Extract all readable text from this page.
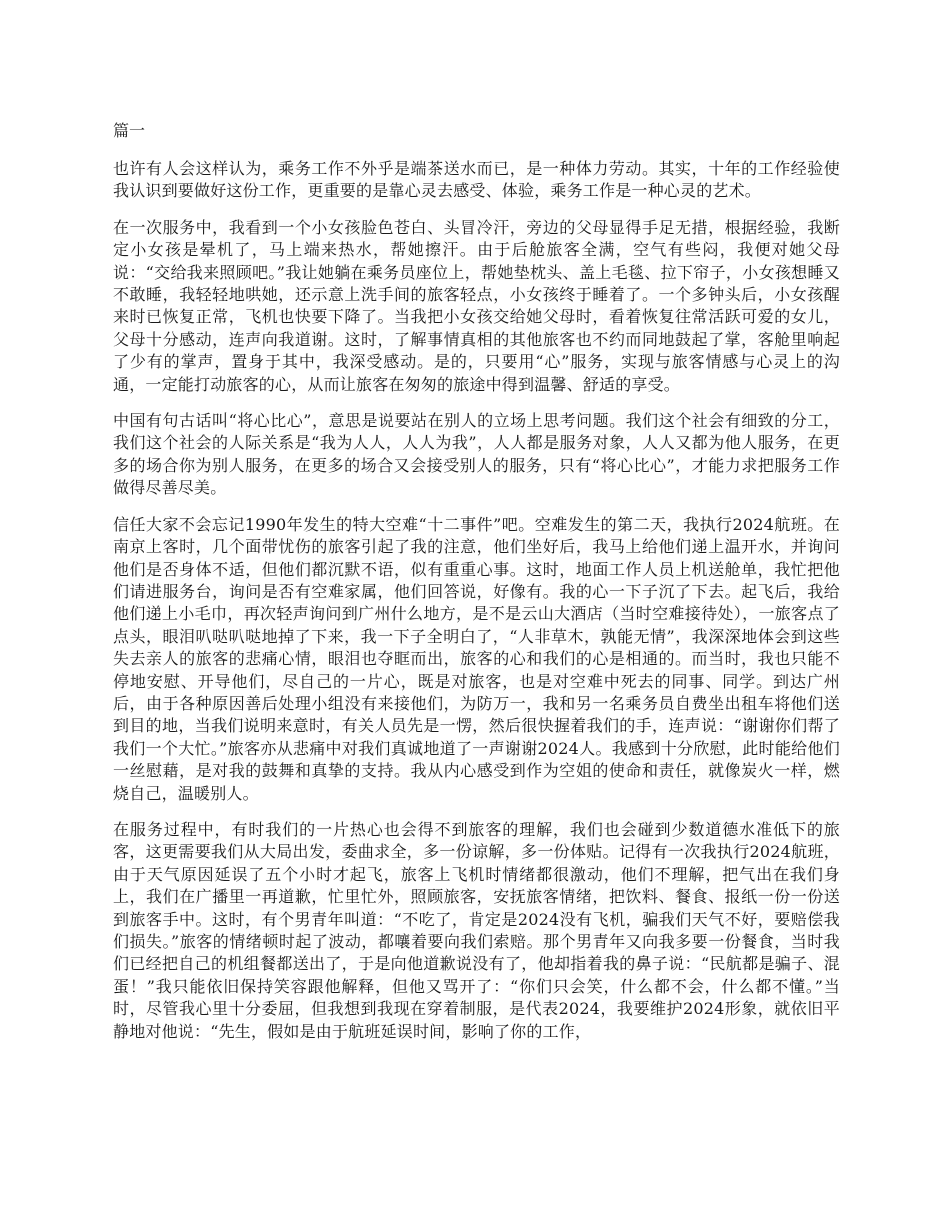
篇一

也许有人会这样认为，乘务工作不外乎是端茶送水而已，是一种体力劳动。其实，十年的工作经验使我认识到要做好这份工作，更重要的是靠心灵去感受、体验，乘务工作是一种心灵的艺术。

在一次服务中，我看到一个小女孩脸色苍白、头冒冷汗，旁边的父母显得手足无措，根据经验，我断定小女孩是晕机了，马上端来热水，帮她擦汗。由于后舱旅客全满，空气有些闷，我便对她父母说：“交给我来照顾吧。”我让她躺在乘务员座位上，帮她垫枕头、盖上毛毯、拉下帘子，小女孩想睡又不敢睡，我轻轻地哄她，还示意上洗手间的旅客轻点，小女孩终于睡着了。一个多钟头后，小女孩醒来时已恢复正常，飞机也快要下降了。当我把小女孩交给她父母时，看着恢复往常活跃可爱的女儿，父母十分感动，连声向我道谢。这时，了解事情真相的其他旅客也不约而同地鼓起了掌，客舱里响起了少有的掌声，置身于其中，我深受感动。是的，只要用“心”服务，实现与旅客情感与心灵上的沟通，一定能打动旅客的心，从而让旅客在匆匆的旅途中得到温馨、舒适的享受。

中国有句古话叫“将心比心”，意思是说要站在别人的立场上思考问题。我们这个社会有细致的分工，我们这个社会的人际关系是“我为人人，人人为我”，人人都是服务对象，人人又都为他人服务，在更多的场合你为别人服务，在更多的场合又会接受别人的服务，只有“将心比心”，才能力求把服务工作做得尽善尽美。

信任大家不会忘记1990年发生的特大空难“十二事件”吧。空难发生的第二天，我执行2024航班。在南京上客时，几个面带忧伤的旅客引起了我的注意，他们坐好后，我马上给他们递上温开水，并询问他们是否身体不适，但他们都沉默不语，似有重重心事。这时，地面工作人员上机送舱单，我忙把他们请进服务台，询问是否有空难家属，他们回答说，好像有。我的心一下子沉了下去。起飞后，我给他们递上小毛巾，再次轻声询问到广州什么地方，是不是云山大酒店（当时空难接待处），一旅客点了点头，眼泪叭哒叭哒地掉了下来，我一下子全明白了，“人非草木，孰能无情”，我深深地体会到这些失去亲人的旅客的悲痛心情，眼泪也夺眶而出，旅客的心和我们的心是相通的。而当时，我也只能不停地安慰、开导他们，尽自己的一片心，既是对旅客，也是对空难中死去的同事、同学。到达广州后，由于各种原因善后处理小组没有来接他们，为防万一，我和另一名乘务员自费坐出租车将他们送到目的地，当我们说明来意时，有关人员先是一愣，然后很快握着我们的手，连声说：“谢谢你们帮了我们一个大忙。”旅客亦从悲痛中对我们真诚地道了一声谢谢2024人。我感到十分欣慰，此时能给他们一丝慰藉，是对我的鼓舞和真挚的支持。我从内心感受到作为空姐的使命和责任，就像炭火一样，燃烧自己，温暖别人。

在服务过程中，有时我们的一片热心也会得不到旅客的理解，我们也会碰到少数道德水准低下的旅客，这更需要我们从大局出发，委曲求全，多一份谅解，多一份体贴。记得有一次我执行2024航班，由于天气原因延误了五个小时才起飞，旅客上飞机时情绪都很激动，他们不理解，把气出在我们身上，我们在广播里一再道歉，忙里忙外，照顾旅客，安抚旅客情绪，把饮料、餐食、报纸一份一份送到旅客手中。这时，有个男青年叫道：“不吃了，肯定是2024没有飞机，骗我们天气不好，要赔偿我们损失。”旅客的情绪顿时起了波动，都嚷着要向我们索赔。那个男青年又向我多要一份餐食，当时我们已经把自己的机组餐都送出了，于是向他道歉说没有了，他却指着我的鼻子说：“民航都是骗子、混蛋！”我只能依旧保持笑容跟他解释，但他又骂开了：“你们只会笑，什么都不会，什么都不懂。”当时，尽管我心里十分委屈，但我想到我现在穿着制服，是代表2024，我要维护2024形象，就依旧平静地对他说：“先生，假如是由于航班延误时间，影响了你的工作，
